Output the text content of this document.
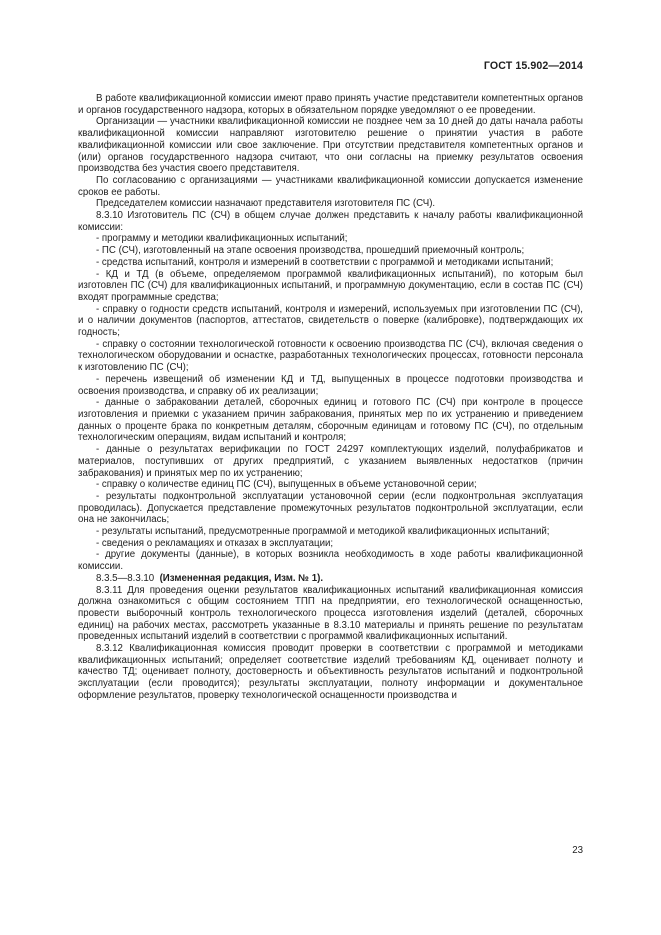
ГОСТ 15.902—2014

В работе квалификационной комиссии имеют право принять участие представители компетентных органов и органов государственного надзора, которых в обязательном порядке уведомляют о ее проведении.

Организации — участники квалификационной комиссии не позднее чем за 10 дней до даты начала работы квалификационной комиссии направляют изготовителю решение о принятии участия в работе квалификационной комиссии или свое заключение. При отсутствии представителя компетентных органов и (или) органов государственного надзора считают, что они согласны на приемку результатов освоения производства без участия своего представителя.

По согласованию с организациями — участниками квалификационной комиссии допускается изменение сроков ее работы.

Председателем комиссии назначают представителя изготовителя ПС (СЧ).

8.3.10 Изготовитель ПС (СЧ) в общем случае должен представить к началу работы квалификационной комиссии:

- программу и методики квалификационных испытаний;

- ПС (СЧ), изготовленный на этапе освоения производства, прошедший приемочный контроль;

- средства испытаний, контроля и измерений в соответствии с программой и методиками испытаний;

- КД и ТД (в объеме, определяемом программой квалификационных испытаний), по которым был изготовлен ПС (СЧ) для квалификационных испытаний, и программную документацию, если в состав ПС (СЧ) входят программные средства;

- справку о годности средств испытаний, контроля и измерений, используемых при изготовлении ПС (СЧ), и о наличии документов (паспортов, аттестатов, свидетельств о поверке (калибровке), подтверждающих их годность;

- справку о состоянии технологической готовности к освоению производства ПС (СЧ), включая сведения о технологическом оборудовании и оснастке, разработанных технологических процессах, готовности персонала к изготовлению ПС (СЧ);

- перечень извещений об изменении КД и ТД, выпущенных в процессе подготовки производства и освоения производства, и справку об их реализации;

- данные о забраковании деталей, сборочных единиц и готового ПС (СЧ) при контроле в процессе изготовления и приемки с указанием причин забракования, принятых мер по их устранению и приведением данных о проценте брака по конкретным деталям, сборочным единицам и готовому ПС (СЧ), по отдельным технологическим операциям, видам испытаний и контроля;

- данные о результатах верификации по ГОСТ 24297 комплектующих изделий, полуфабрикатов и материалов, поступивших от других предприятий, с указанием выявленных недостатков (причин забракования) и принятых мер по их устранению;

- справку о количестве единиц ПС (СЧ), выпущенных в объеме установочной серии;

- результаты подконтрольной эксплуатации установочной серии (если подконтрольная эксплуатация проводилась). Допускается представление промежуточных результатов подконтрольной эксплуатации, если она не закончилась;

- результаты испытаний, предусмотренные программой и методикой квалификационных испытаний;

- сведения о рекламациях и отказах в эксплуатации;

- другие документы (данные), в которых возникла необходимость в ходе работы квалификационной комиссии.

8.3.5—8.3.10 (Измененная редакция, Изм. № 1).

8.3.11 Для проведения оценки результатов квалификационных испытаний квалификационная комиссия должна ознакомиться с общим состоянием ТПП на предприятии, его технологической оснащенностью, провести выборочный контроль технологического процесса изготовления изделий (деталей, сборочных единиц) на рабочих местах, рассмотреть указанные в 8.3.10 материалы и принять решение по результатам проведенных испытаний изделий в соответствии с программой квалификационных испытаний.

8.3.12 Квалификационная комиссия проводит проверки в соответствии с программой и методиками квалификационных испытаний; определяет соответствие изделий требованиям КД, оценивает полноту и качество ТД; оценивает полноту, достоверность и объективность результатов испытаний и подконтрольной эксплуатации (если проводится); результаты эксплуатации, полноту информации и документальное оформление результатов, проверку технологической оснащенности производства и

23
